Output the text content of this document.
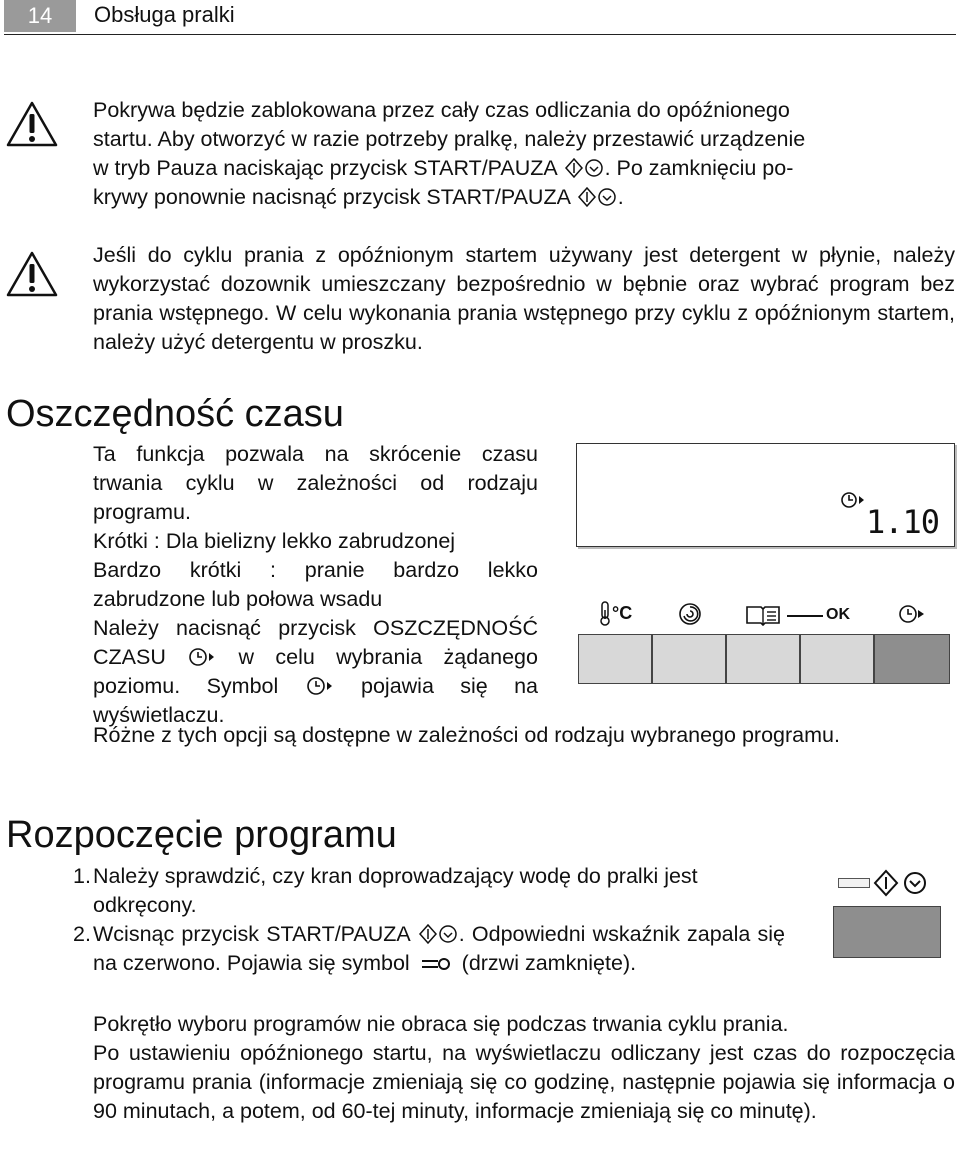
14	Obsługa pralki

Pokrywa będzie zablokowana przez cały czas odliczania do opóźnionego

startu. Aby otworzyć w razie potrzeby pralkę, należy przestawić urządzenie

w tryb Pauza naciskając przycisk START/PAUZA . Po zamknięciu po-

krywy ponownie nacisnąć przycisk START/PAUZA .

Jeśli do cyklu prania z opóźnionym startem używany jest detergent w płynie, należy wykorzystać dozownik umieszczany bezpośrednio w bębnie oraz wybrać program bez prania wstępnego. W celu wykonania prania wstępnego przy cyklu z opóźnionym startem, należy użyć detergentu w proszku.

Oszczędność czasu

Ta funkcja pozwala na skrócenie czasu trwania cyklu w zależności od rodzaju programu.

Krótki : Dla bielizny lekko zabrudzonej

Bardzo krótki : pranie bardzo lekko zabrudzone lub połowa wsadu

Należy nacisnąć przycisk OSZCZĘDNOŚĆ CZASU	w celu wybrania żądanego poziomu. Symbol	pojawia się na wyświetlaczu.

Różne z tych opcji są dostępne w zależności od rodzaju wybranego programu.

1.10
°C	OK
Rozpoczęcie programu
1. Należy sprawdzić, czy kran doprowadzający wodę do pralki jest odkręcony.
2. Wcisnąc przycisk START/PAUZA . Odpowiedni wskaźnik zapala się na czerwono. Pojawia się symbol (drzwi zamknięte).

Pokrętło wyboru programów nie obraca się podczas trwania cyklu prania.

Po ustawieniu opóźnionego startu, na wyświetlaczu odliczany jest czas do rozpoczęcia programu prania (informacje zmieniają się co godzinę, następnie pojawia się informacja o 90 minutach, a potem, od 60-tej minuty, informacje zmieniają się co minutę).
